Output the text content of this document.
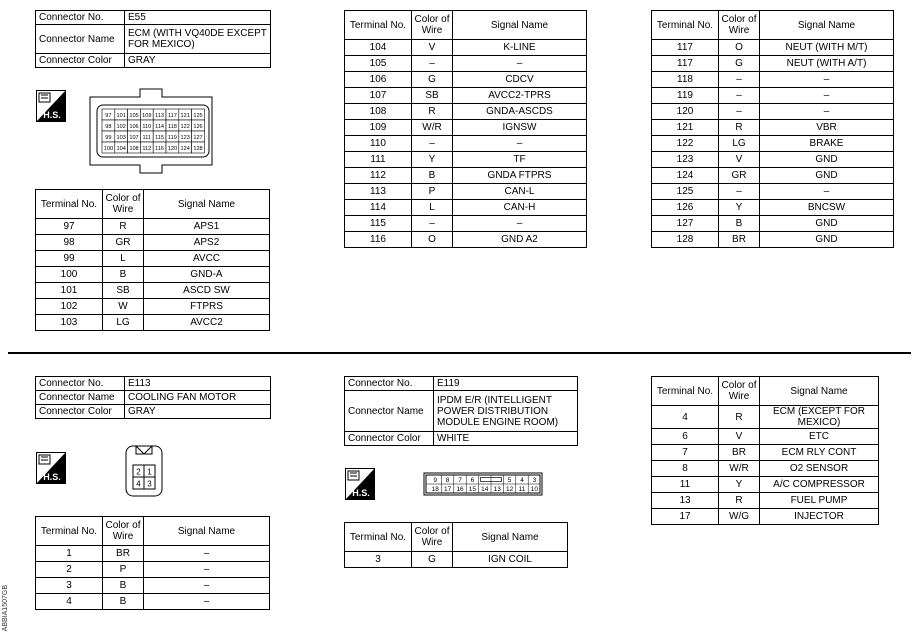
Connector No.	E55
Connector Name	ECM (WITH VQ40DE EXCEPT FOR MEXICO)
Connector Color	GRAY
H.S.	97 101 105 109 113 117 121 125
98 102 106 110 114 118 122 126
99 103 107 111 115 119 123 127
100 104 108 112 116 120 124 128
Terminal No.	Color of Wire	Signal Name
97	R	APS1
98	GR	APS2
99	L	AVCC
100	B	GND-A
101	SB	ASCD SW
102	W	FTPRS
103	LG	AVCC2
Terminal No.	Color of Wire	Signal Name
104	V	K-LINE
105	–	–
106	G	CDCV
107	SB	AVCC2-TPRS
108	R	GNDA-ASCDS
109	W/R	IGNSW
110	–	–
111	Y	TF
112	B	GNDA FTPRS
113	P	CAN-L
114	L	CAN-H
115	–	–
116	O	GND A2
Terminal No.	Color of Wire	Signal Name
117	O	NEUT (WITH M/T)
117	G	NEUT (WITH A/T)
118	–	–
119	–	–
120	–	–
121	R	VBR
122	LG	BRAKE
123	V	GND
124	GR	GND
125	–	–
126	Y	BNCSW
127	B	GND
128	BR	GND
Connector No.	E113
Connector Name	COOLING FAN MOTOR
Connector Color	GRAY
H.S.	2 1
4 3
Terminal No.	Color of Wire	Signal Name
1	BR	–
2	P	–
3	B	–
4	B	–
Connector No.	E119
Connector Name	IPDM E/R (INTELLIGENT POWER DISTRIBUTION MODULE ENGINE ROOM)
Connector Color	WHITE
H.S.
9 8 7 6	5 4 3
18 17 16 15 14 13 12 11 10
Terminal No.	Color of Wire	Signal Name
3	G	IGN COIL
Terminal No.	Color of Wire	Signal Name
4	R	ECM (EXCEPT FOR MEXICO)
6	V	ETC
7	BR	ECM RLY CONT
8	W/R	O2 SENSOR
11	Y	A/C COMPRESSOR
13	R	FUEL PUMP
17	W/G	INJECTOR
ABBIA1507GB
